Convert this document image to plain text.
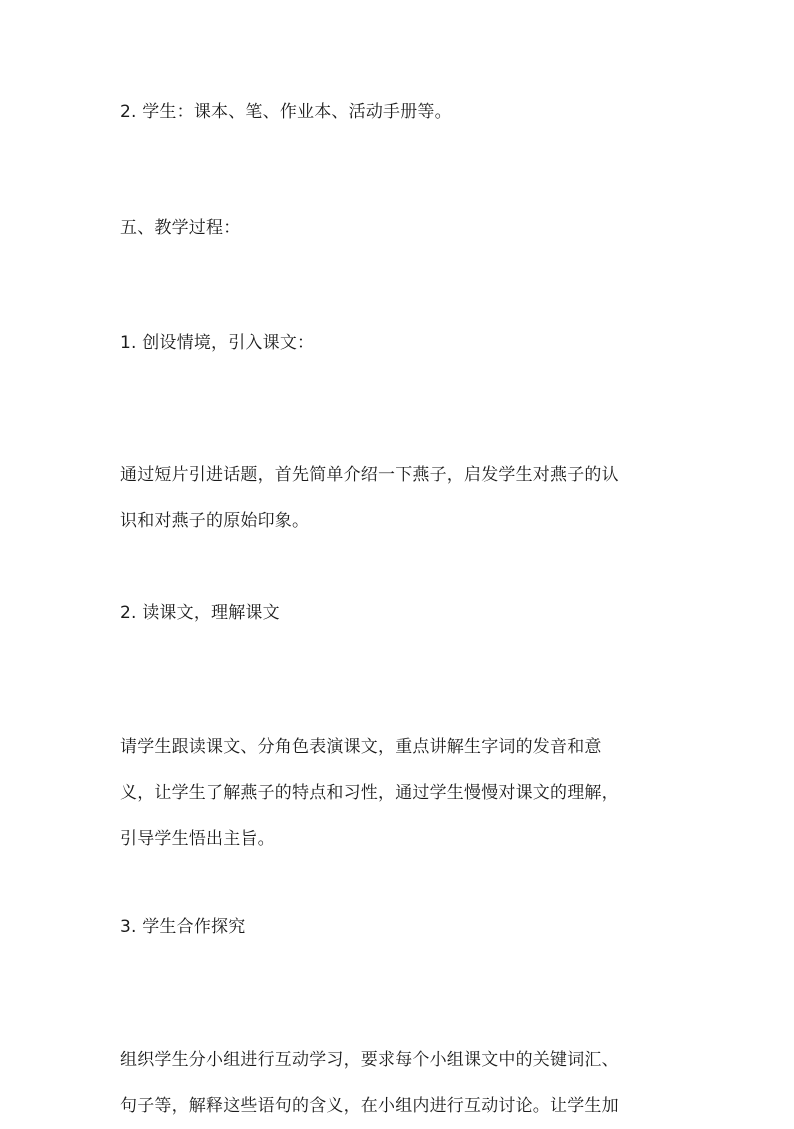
2. 学生：课本、笔、作业本、活动手册等。
五、教学过程：
1. 创设情境，引入课文：
通过短片引进话题，首先简单介绍一下燕子，启发学生对燕子的认
识和对燕子的原始印象。
2. 读课文，理解课文
请学生跟读课文、分角色表演课文，重点讲解生字词的发音和意
义，让学生了解燕子的特点和习性，通过学生慢慢对课文的理解，
引导学生悟出主旨。
3. 学生合作探究
组织学生分小组进行互动学习，要求每个小组课文中的关键词汇、
句子等，解释这些语句的含义，在小组内进行互动讨论。让学生加
